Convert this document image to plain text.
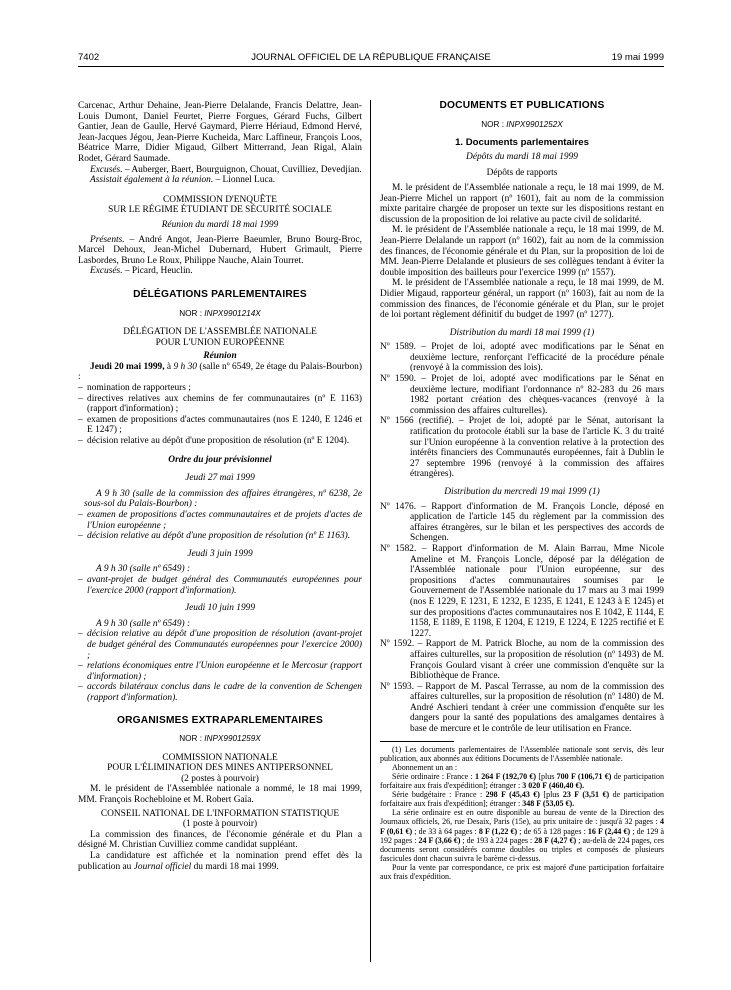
7402	JOURNAL OFFICIEL DE LA RÉPUBLIQUE FRANÇAISE	19 mai 1999

Carcenac, Arthur Dehaine, Jean-Pierre Delalande, Francis Delattre, Jean-Louis Dumont, Daniel Feurtet, Pierre Forgues, Gérard Fuchs, Gilbert Gantier, Jean de Gaulle, Hervé Gaymard, Pierre Hériaud, Edmond Hervé, Jean-Jacques Jégou, Jean-Pierre Kucheida, Marc Laffineur, François Loos, Béatrice Marre, Didier Migaud, Gilbert Mitterrand, Jean Rigal, Alain Rodet, Gérard Saumade.

Excusés. – Auberger, Baert, Bourguignon, Chouat, Cuvilliez, Devedjian.

Assistait également à la réunion. – Lionnel Luca.

COMMISSION D'ENQUÊTE

SUR LE RÉGIME ÉTUDIANT DE SÉCURITÉ SOCIALE

Réunion du mardi 18 mai 1999

Présents. – André Angot, Jean-Pierre Baeumler, Bruno Bourg-Broc, Marcel Dehoux, Jean-Michel Dubernard, Hubert Grimault, Pierre Lasbordes, Bruno Le Roux, Philippe Nauche, Alain Tourret.

Excusés. – Picard, Heuclin.

DÉLÉGATIONS PARLEMENTAIRES

NOR : INPX9901214X

DÉLÉGATION DE L'ASSEMBLÉE NATIONALE

POUR L'UNION EUROPÉENNE

Réunion

Jeudi 20 mai 1999, à 9 h 30 (salle nº 6549, 2e étage du Palais-Bourbon) :

– nomination de rapporteurs ;
– directives relatives aux chemins de fer communautaires (nº E 1163) (rapport d'information) ;
– examen de propositions d'actes communautaires (nos E 1240, E 1246 et E 1247) ;
– décision relative au dépôt d'une proposition de résolution (nº E 1204).

Ordre du jour prévisionnel

Jeudi 27 mai 1999

A 9 h 30 (salle de la commission des affaires étrangères, nº 6238, 2e sous-sol du Palais-Bourbon) :

– examen de propositions d'actes communautaires et de projets d'actes de l'Union européenne ;
– décision relative au dépôt d'une proposition de résolution (nº E 1163).

Jeudi 3 juin 1999

A 9 h 30 (salle nº 6549) :

– avant-projet de budget général des Communautés européennes pour l'exercice 2000 (rapport d'information).

Jeudi 10 juin 1999

A 9 h 30 (salle nº 6549) :

– décision relative au dépôt d'une proposition de résolution (avant-projet de budget général des Communautés européennes pour l'exercice 2000) ;
– relations économiques entre l'Union européenne et le Mercosur (rapport d'information) ;
– accords bilatéraux conclus dans le cadre de la convention de Schengen (rapport d'information).

ORGANISMES EXTRAPARLEMENTAIRES

NOR : INPX9901259X

COMMISSION NATIONALE

POUR L'ÉLIMINATION DES MINES ANTIPERSONNEL

(2 postes à pourvoir)

M. le président de l'Assemblée nationale a nommé, le 18 mai 1999, MM. François Rochebloine et M. Robert Gaïa.

CONSEIL NATIONAL DE L'INFORMATION STATISTIQUE

(1 poste à pourvoir)

La commission des finances, de l'économie générale et du Plan a désigné M. Christian Cuvilliez comme candidat suppléant.

La candidature est affichée et la nomination prend effet dès la publication au Journal officiel du mardi 18 mai 1999.

DOCUMENTS ET PUBLICATIONS

NOR : INPX9901252X

1. Documents parlementaires

Dépôts du mardi 18 mai 1999

Dépôts de rapports

M. le président de l'Assemblée nationale a reçu, le 18 mai 1999, de M. Jean-Pierre Michel un rapport (nº 1601), fait au nom de la commission mixte paritaire chargée de proposer un texte sur les dispositions restant en discussion de la proposition de loi relative au pacte civil de solidarité.

M. le président de l'Assemblée nationale a reçu, le 18 mai 1999, de M. Jean-Pierre Delalande un rapport (nº 1602), fait au nom de la commission des finances, de l'économie générale et du Plan, sur la proposition de loi de MM. Jean-Pierre Delalande et plusieurs de ses collègues tendant à éviter la double imposition des bailleurs pour l'exercice 1999 (nº 1557).

M. le président de l'Assemblée nationale a reçu, le 18 mai 1999, de M. Didier Migaud, rapporteur général, un rapport (nº 1603), fait au nom de la commission des finances, de l'économie générale et du Plan, sur le projet de loi portant règlement définitif du budget de 1997 (nº 1277).

Distribution du mardi 18 mai 1999 (1)

Nº 1589. – Projet de loi, adopté avec modifications par le Sénat en deuxième lecture, renforçant l'efficacité de la procédure pénale (renvoyé à la commission des lois).

Nº 1590. – Projet de loi, adopté avec modifications par le Sénat en deuxième lecture, modifiant l'ordonnance nº 82-283 du 26 mars 1982 portant création des chèques-vacances (renvoyé à la commission des affaires culturelles).

Nº 1566 (rectifié). – Projet de loi, adopté par le Sénat, autorisant la ratification du protocole établi sur la base de l'article K. 3 du traité sur l'Union européenne à la convention relative à la protection des intérêts financiers des Communautés européennes, fait à Dublin le 27 septembre 1996 (renvoyé à la commission des affaires étrangères).

Distribution du mercredi 19 mai 1999 (1)

Nº 1476. – Rapport d'information de M. François Loncle, déposé en application de l'article 145 du règlement par la commission des affaires étrangères, sur le bilan et les perspectives des accords de Schengen.

Nº 1582. – Rapport d'information de M. Alain Barrau, Mme Nicole Ameline et M. François Loncle, déposé par la délégation de l'Assemblée nationale pour l'Union européenne, sur des propositions d'actes communautaires soumises par le Gouvernement de l'Assemblée nationale du 17 mars au 3 mai 1999 (nos E 1229, E 1231, E 1232, E 1235, E 1241, E 1243 à E 1245) et sur des propositions d'actes communautaires nos E 1042, E 1144, E 1158, E 1189, E 1198, E 1204, E 1219, E 1224, E 1225 rectifié et E 1227.

Nº 1592. – Rapport de M. Patrick Bloche, au nom de la commission des affaires culturelles, sur la proposition de résolution (nº 1493) de M. François Goulard visant à créer une commission d'enquête sur la Bibliothèque de France.

Nº 1593. – Rapport de M. Pascal Terrasse, au nom de la commission des affaires culturelles, sur la proposition de résolution (nº 1480) de M. André Aschieri tendant à créer une commission d'enquête sur les dangers pour la santé des populations des amalgames dentaires à base de mercure et le contrôle de leur utilisation en France.

(1) Les documents parlementaires de l'Assemblée nationale sont servis, dès leur publication, aux abonnés aux éditions Documents de l'Assemblée nationale.

Abonnement un an :

Série ordinaire : France : 1 264 F (192,70 €) [plus 700 F (106,71 €) de participation forfaitaire aux frais d'expédition]; étranger : 3 020 F (460,40 €).

Série budgétaire : France : 298 F (45,43 €) [plus 23 F (3,51 €) de participation forfaitaire aux frais d'expédition]; étranger : 348 F (53,05 €).

La série ordinaire est en outre disponible au bureau de vente de la Direction des Journaux officiels, 26, rue Desaix, Paris (15e), au prix unitaire de : jusqu'à 32 pages : 4 F (0,61 €) ; de 33 à 64 pages : 8 F (1,22 €) ; de 65 à 128 pages : 16 F (2,44 €) ; de 129 à 192 pages : 24 F (3,66 €) ; de 193 à 224 pages : 28 F (4,27 €) ; au-delà de 224 pages, ces documents seront considérés comme doubles ou triples et composés de plusieurs fascicules dont chacun suivra le barème ci-dessus.

Pour la vente par correspondance, ce prix est majoré d'une participation forfaitaire aux frais d'expédition.
